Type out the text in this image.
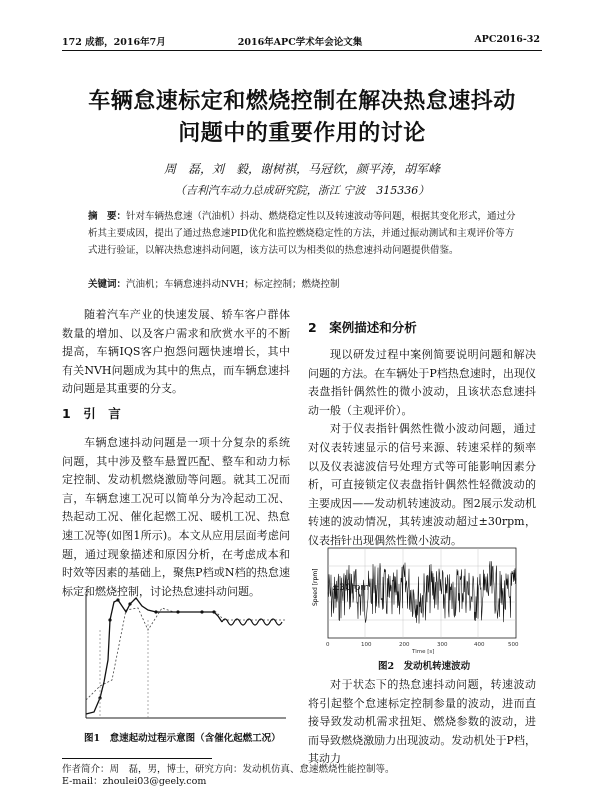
172 成都，2016年7月	2016年APC学术年会论文集	APC2016-32
车辆怠速标定和燃烧控制在解决热怠速抖动
问题中的重要作用的讨论
周　磊，刘　毅，谢树祺，马冠钦，颜平涛，胡军峰
（吉利汽车动力总成研究院，浙江 宁波　315336）
摘　要：针对车辆热怠速（汽油机）抖动、燃烧稳定性以及转速波动等问题，根据其变化形式，通过分析其主要成因，提出了通过热怠速PID优化和监控燃烧稳定性的方法，并通过振动测试和主观评价等方式进行验证，以解决热怠速抖动问题，该方法可以为相类似的热怠速抖动问题提供借鉴。
关键词：汽油机；车辆怠速抖动NVH；标定控制；燃烧控制

随着汽车产业的快速发展、轿车客户群体数量的增加、以及客户需求和欣赏水平的不断提高，车辆IQS客户抱怨问题快速增长，其中有关NVH问题成为其中的焦点，而车辆怠速抖动问题是其重要的分支。

1　引　言

车辆怠速抖动问题是一项十分复杂的系统问题，其中涉及整车悬置匹配、整车和动力标定控制、发动机燃烧激励等问题。就其工况而言，车辆怠速工况可以简单分为冷起动工况、热起动工况、催化起燃工况、暖机工况、热怠速工况等(如图1所示)。本文从应用层面考虑问题，通过现象描述和原因分析，在考虑成本和时效等因素的基础上，聚焦P档或N档的热怠速标定和燃烧控制，讨论热怠速抖动问题。

图1　怠速起动过程示意图（含催化起燃工况）
2　案例描述和分析

现以研发过程中案例简要说明问题和解决问题的方法。在车辆处于P档热怠速时，出现仪表盘指针偶然性的微小波动，且该状态怠速抖动一般（主观评价）。

对于仪表指针偶然性微小波动问题，通过对仪表转速显示的信号来源、转速采样的频率以及仪表滤波信号处理方式等可能影响因素分析，可直接锁定仪表盘指针偶然性轻微波动的主要成因——发动机转速波动。图2展示发动机转速的波动情况，其转速波动超过±30rpm，仪表指针出现偶然性微小波动。

Speed [rpm] ±30rpm
0	100	200	300	400	500
Time [s]
图2　发动机转速波动

对于状态下的热怠速抖动问题，转速波动将引起整个怠速标定控制参量的波动，进而直接导致发动机需求扭矩、燃烧参数的波动，进而导致燃烧激励力出现波动。发动机处于P档，其动力

作者简介：周　磊，男，博士，研究方向：发动机仿真、怠速燃烧性能控制等。
E-mail：zhoulei03@geely.com
